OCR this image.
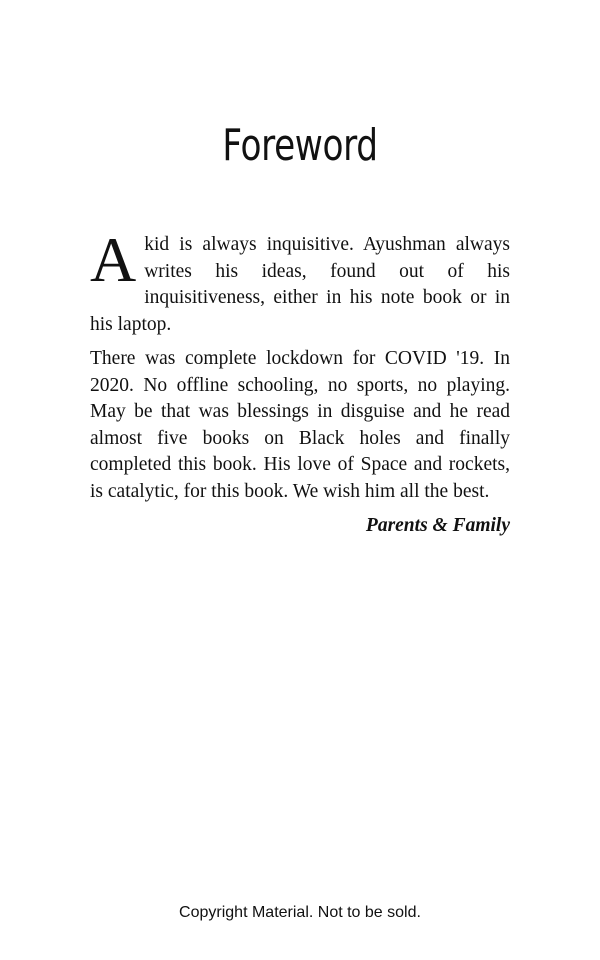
Foreword

Akid is always inquisitive. Ayushman always writes his ideas, found out of his inquisitiveness, either in his note book or in his laptop.

There was complete lockdown for COVID '19. In 2020. No offline schooling, no sports, no playing. May be that was blessings in disguise and he read almost five books on Black holes and finally completed this book. His love of Space and rockets, is catalytic, for this book. We wish him all the best.

Parents & Family

Copyright Material. Not to be sold.
